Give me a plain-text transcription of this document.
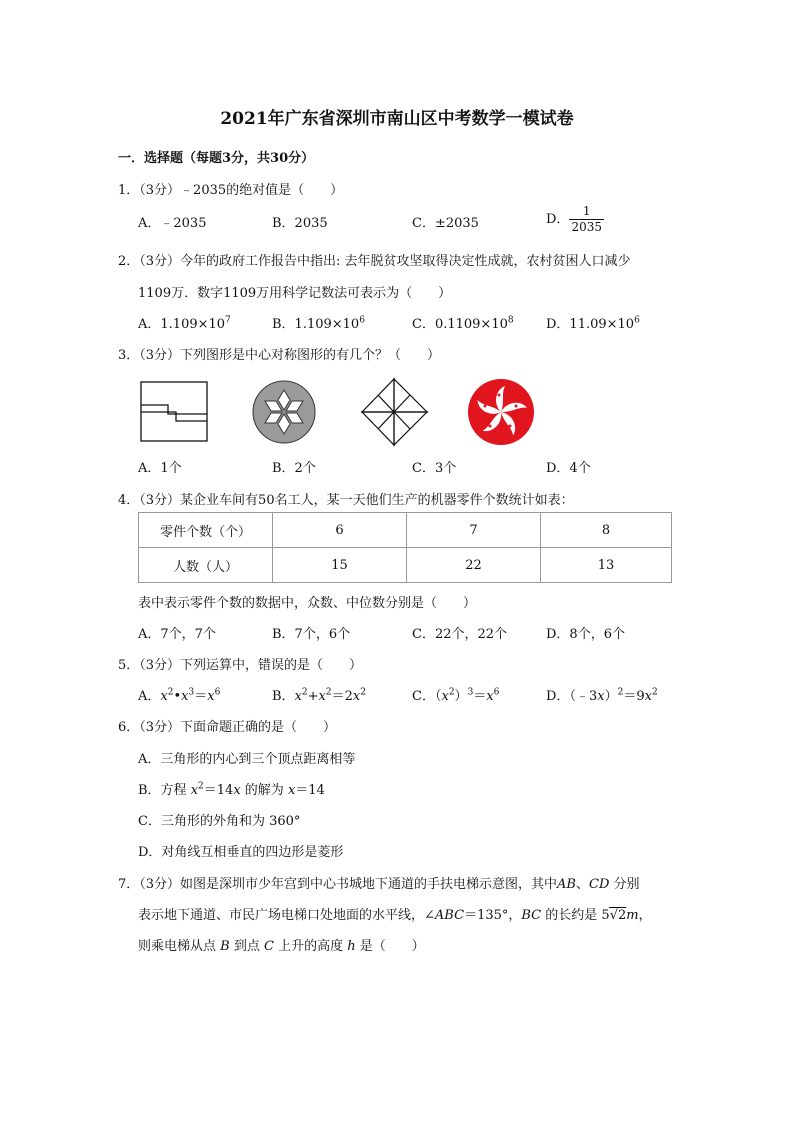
2021年广东省深圳市南山区中考数学一模试卷
一．选择题（每题3分，共30分）
1．（3分）﹣2035的绝对值是（　　）
A．﹣2035	B．2035	C．±2035	D． $\frac{1}{2035}$
2．（3分）今年的政府工作报告中指出: 去年脱贫攻坚取得决定性成就，农村贫困人口减少
1109万．数字1109万用科学记数法可表示为（　　）
A．$1.109\times 10^7$	B．$1.109\times 10^6$	C．$0.1109\times 10^8$ D．$11.09\times 10^6$
3．（3分）下列图形是中心对称图形的有几个？（　　）
A．1个	B．2个	C．3个	D．4个
4．（3分）某企业车间有50名工人，某一天他们生产的机器零件个数统计如表：
零件个数（个）	6	7	8
人数（人）	15	22	13
表中表示零件个数的数据中，众数、中位数分别是（　　）
A．7个，7个	B．7个，6个	C．22个，22个	D．8个，6个
5．（3分）下列运算中，错误的是（　　）
A．$x^2•x^3=x^6$	B．$x^2+x^2=2x^2$	C．$(x^2)^3=x^6$	D．$(﹣3x)^2=9x^2$
6．（3分）下面命题正确的是（　　）
A．三角形的内心到三个顶点距离相等
B．方程 $x^2=14x$ 的解为 x＝14
C．三角形的外角和为 360°
D．对角线互相垂直的四边形是菱形
7．（3分）如图是深圳市少年宫到中心书城地下通道的手扶电梯示意图，其中AB、CD 分别
表示地下通道、市民广场电梯口处地面的水平线，∠ABC＝135°，BC 的长约是 5√2m，
则乘电梯从点 B 到点 C 上升的高度 h 是（　　）
